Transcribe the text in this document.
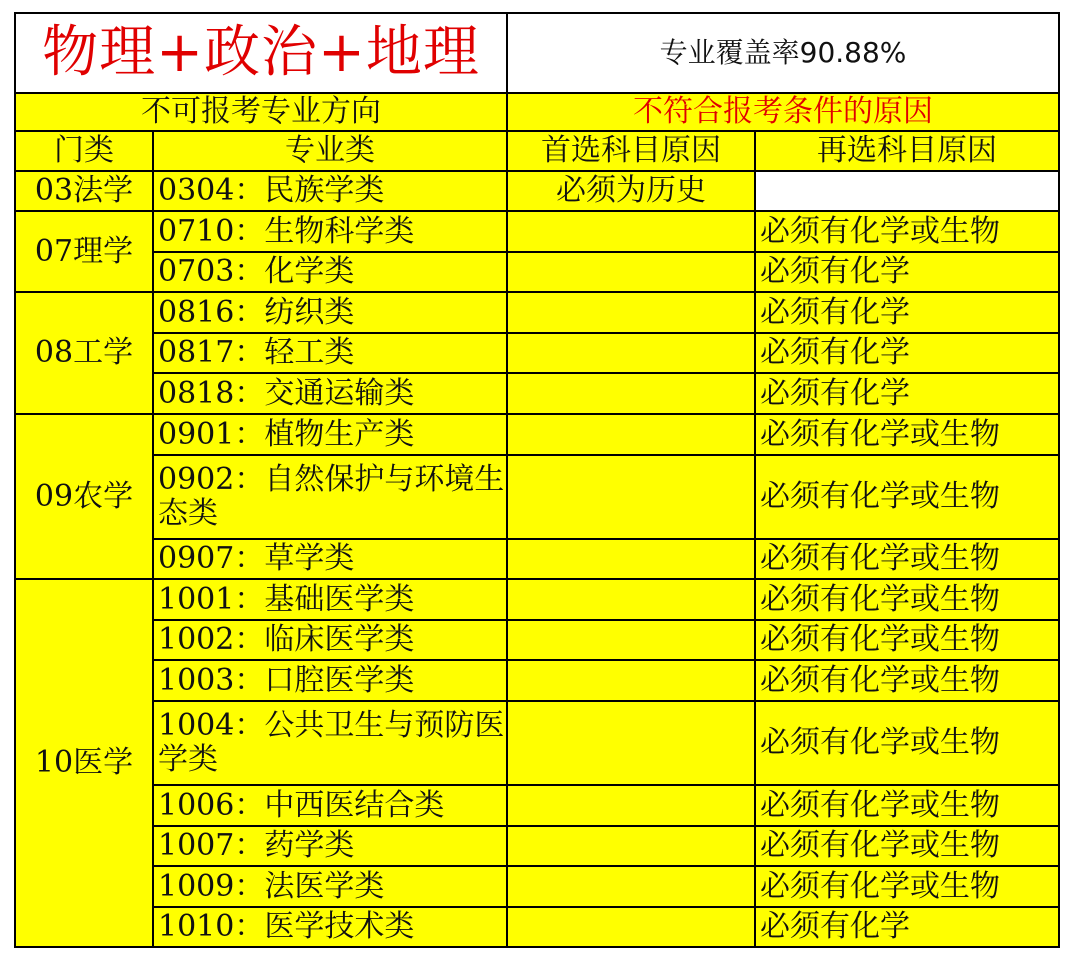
物理+政治+地理		专业覆盖率90.88%	
不可报考专业方向		不符合报考条件的原因	
门类	专业类	首选科目原因	再选科目原因
03法学	0304：民族学类	必须为历史	
07理学	0710：生物科学类		必须有化学或生物
	0703：化学类		必须有化学
08工学	0816：纺织类		必须有化学
	0817：轻工类		必须有化学
	0818：交通运输类		必须有化学
09农学	0901：植物生产类		必须有化学或生物
	0902：自然保护与环境生态类		必须有化学或生物
	0907：草学类		必须有化学或生物
10医学	1001：基础医学类		必须有化学或生物
	1002：临床医学类		必须有化学或生物
	1003：口腔医学类		必须有化学或生物
	1004：公共卫生与预防医学类		必须有化学或生物
	1006：中西医结合类		必须有化学或生物
	1007：药学类		必须有化学或生物
	1009：法医学类		必须有化学或生物
	1010：医学技术类		必须有化学
